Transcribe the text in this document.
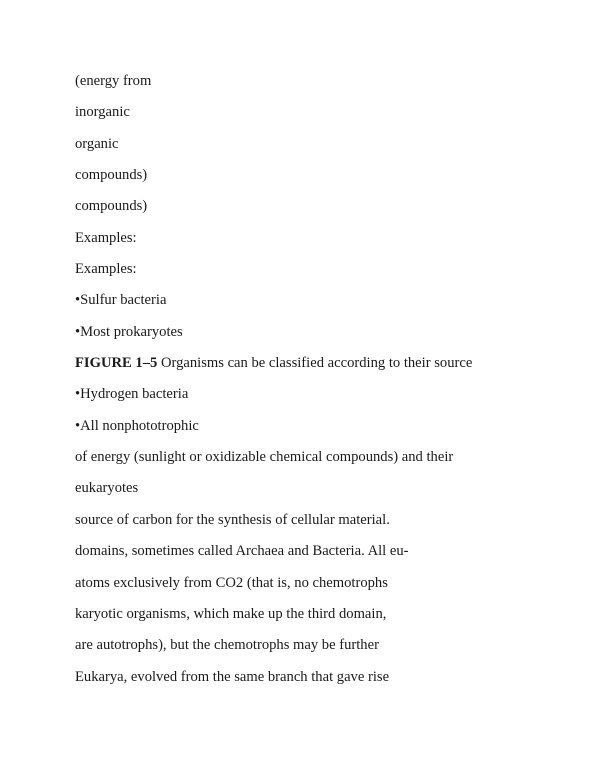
(energy from
inorganic
organic
compounds)
compounds)
Examples:
Examples:
•Sulfur bacteria
•Most prokaryotes
FIGURE 1–5 Organisms can be classified according to their source
•Hydrogen bacteria
•All nonphototrophic
of energy (sunlight or oxidizable chemical compounds) and their
eukaryotes
source of carbon for the synthesis of cellular material.
domains, sometimes called Archaea and Bacteria. All eu-
atoms exclusively from CO2 (that is, no chemotrophs
karyotic organisms, which make up the third domain,
are autotrophs), but the chemotrophs may be further
Eukarya, evolved from the same branch that gave rise
